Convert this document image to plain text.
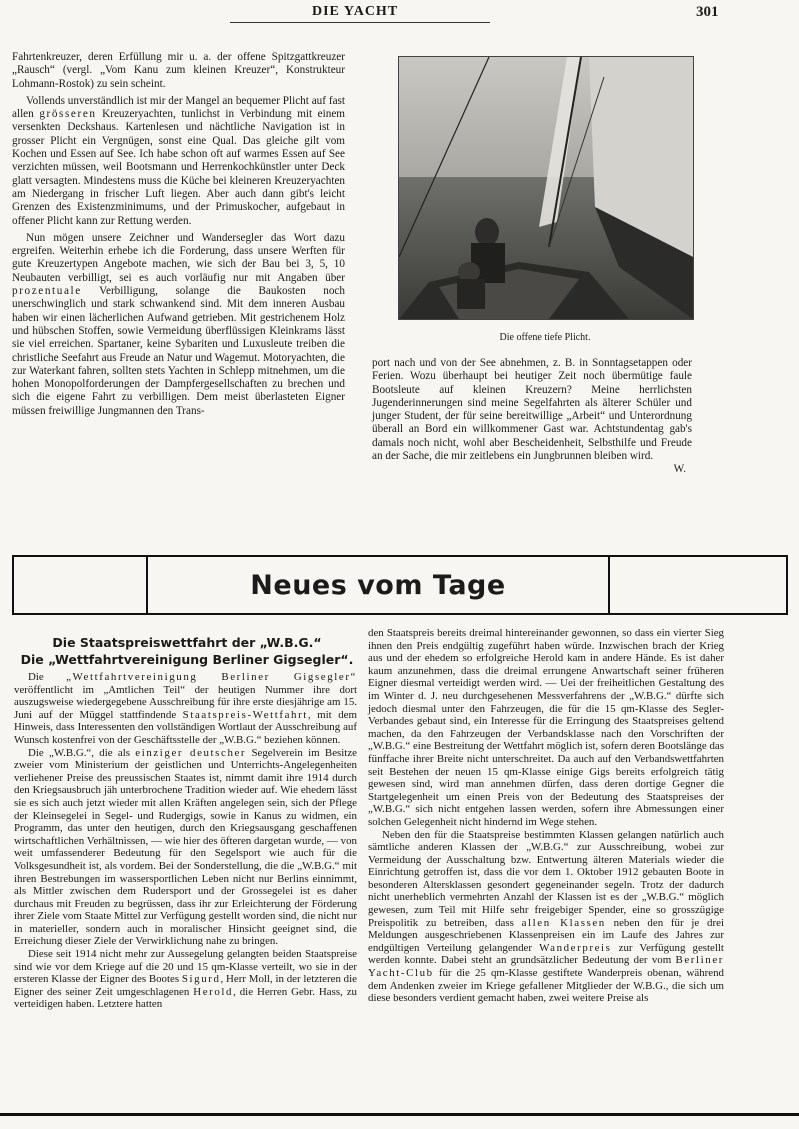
DIE YACHT	301

Fahrtenkreuzer, deren Erfüllung mir u. a. der offene Spitzgattkreuzer „Rausch“ (vergl. „Vom Kanu zum kleinen Kreuzer“, Konstrukteur Lohmann-Rostok) zu sein scheint.

Vollends unverständlich ist mir der Mangel an bequemer Plicht auf fast allen grösseren Kreuzeryachten, tunlichst in Verbindung mit einem versenkten Deckshaus. Kartenlesen und nächtliche Navigation ist in grosser Plicht ein Vergnügen, sonst eine Qual. Das gleiche gilt vom Kochen und Essen auf See. Ich habe schon oft auf warmes Essen auf See verzichten müssen, weil Bootsmann und Herrenkochkünstler unter Deck glatt versagten. Mindestens muss die Küche bei kleineren Kreuzeryachten am Niedergang in frischer Luft liegen. Aber auch dann gibt's leicht Grenzen des Existenzminimums, und der Primuskocher, aufgebaut in offener Plicht kann zur Rettung werden.

Nun mögen unsere Zeichner und Wandersegler das Wort dazu ergreifen. Weiterhin erhebe ich die Forderung, dass unsere Werften für gute Kreuzertypen Angebote machen, wie sich der Bau bei 3, 5, 10 Neubauten verbilligt, sei es auch vorläufig nur mit Angaben über prozentuale Verbilligung, solange die Baukosten noch unerschwinglich und stark schwankend sind. Mit dem inneren Ausbau haben wir einen lächerlichen Aufwand getrieben. Mit gestrichenem Holz und hübschen Stoffen, sowie Vermeidung überflüssigen Kleinkrams lässt sie viel erreichen. Spartaner, keine Sybariten und Luxusleute treiben die christliche Seefahrt aus Freude an Natur und Wagemut. Motoryachten, die zur Waterkant fahren, sollten stets Yachten in Schlepp mitnehmen, um die hohen Monopolforderungen der Dampfergesellschaften zu brechen und sich die eigene Fahrt zu verbilligen. Dem meist überlasteten Eigner müssen freiwillige Jungmannen den Trans-

Die offene tiefe Plicht.

port nach und von der See abnehmen, z. B. in Sonntagsetappen oder Ferien. Wozu überhaupt bei heutiger Zeit noch übermütige faule Bootsleute auf kleinen Kreuzern? Meine herrlichsten Jugenderinnerungen sind meine Segelfahrten als älterer Schüler und junger Student, der für seine bereitwillige „Arbeit“ und Unterordnung überall an Bord ein willkommener Gast war. Achtstundentag gab's damals noch nicht, wohl aber Bescheidenheit, Selbsthilfe und Freude an der Sache, die mir zeitlebens ein Jungbrunnen bleiben wird.

W.

Neues vom Tage
Die Staatspreiswettfahrt der „W.B.G.“
Die „Wettfahrtvereinigung Berliner Gigsegler“.

Die „Wettfahrtvereinigung Berliner Gigsegler“ veröffentlicht im „Amtlichen Teil“ der heutigen Nummer ihre dort auszugsweise wiedergegebene Ausschreibung für ihre erste diesjährige am 15. Juni auf der Müggel stattfindende Staatspreis-Wettfahrt, mit dem Hinweis, dass Interessenten den vollständigen Wortlaut der Ausschreibung auf Wunsch kostenfrei von der Geschäftsstelle der „W.B.G.“ beziehen können.

Die „W.B.G.“, die als einziger deutscher Segelverein im Besitze zweier vom Ministerium der geistlichen und Unterrichts-Angelegenheiten verliehener Preise des preussischen Staates ist, nimmt damit ihre 1914 durch den Kriegsausbruch jäh unterbrochene Tradition wieder auf. Wie ehedem lässt sie es sich auch jetzt wieder mit allen Kräften angelegen sein, sich der Pflege der Kleinsegelei in Segel- und Rudergigs, sowie in Kanus zu widmen, ein Programm, das unter den heutigen, durch den Kriegsausgang geschaffenen wirtschaftlichen Verhältnissen, — wie hier des öfteren dargetan wurde, — von weit umfassenderer Bedeutung für den Segelsport wie auch für die Volksgesundheit ist, als vordem. Bei der Sonderstellung, die die „W.B.G.“ mit ihren Bestrebungen im wassersportlichen Leben nicht nur Berlins einnimmt, als Mittler zwischen dem Rudersport und der Grossegelei ist es daher durchaus mit Freuden zu begrüssen, dass ihr zur Erleichterung der Förderung ihrer Ziele vom Staate Mittel zur Verfügung gestellt worden sind, die nicht nur in materieller, sondern auch in moralischer Hinsicht geeignet sind, die Erreichung dieser Ziele der Verwirklichung nahe zu bringen.

Diese seit 1914 nicht mehr zur Aussegelung gelangten beiden Staatspreise sind wie vor dem Kriege auf die 20 und 15 qm-Klasse verteilt, wo sie in der ersteren Klasse der Eigner des Bootes Sigurd, Herr Moll, in der letzteren die Eigner des seiner Zeit umgeschlagenen Herold, die Herren Gebr. Hass, zu verteidigen haben. Letztere hatten

den Staatspreis bereits dreimal hintereinander gewonnen, so dass ein vierter Sieg ihnen den Preis endgültig zugeführt haben würde. Inzwischen brach der Krieg aus und der ehedem so erfolgreiche Herold kam in andere Hände. Es ist daher kaum anzunehmen, dass die dreimal errungene Anwartschaft seiner früheren Eigner diesmal verteidigt werden wird. — Uei der freiheitlichen Gestaltung des im Winter d. J. neu durchgesehenen Messverfahrens der „W.B.G.“ dürfte sich jedoch diesmal unter den Fahrzeugen, die für die 15 qm-Klasse des Segler-Verbandes gebaut sind, ein Interesse für die Erringung des Staatspreises geltend machen, da den Fahrzeugen der Verbandsklasse nach den Vorschriften der „W.B.G.“ eine Bestreitung der Wettfahrt möglich ist, sofern deren Bootslänge das fünffache ihrer Breite nicht unterschreitet. Da auch auf den Verbandswettfahrten seit Bestehen der neuen 15 qm-Klasse einige Gigs bereits erfolgreich tätig gewesen sind, wird man annehmen dürfen, dass deren dortige Gegner die Startgelegenheit um einen Preis von der Bedeutung des Staatspreises der „W.B.G.“ sich nicht entgehen lassen werden, sofern ihre Abmessungen einer solchen Gelegenheit nicht hindernd im Wege stehen.

Neben den für die Staatspreise bestimmten Klassen gelangen natürlich auch sämtliche anderen Klassen der „W.B.G.“ zur Ausschreibung, wobei zur Vermeidung der Ausschaltung bzw. Entwertung älteren Materials wieder die Einrichtung getroffen ist, dass die vor dem 1. Oktober 1912 gebauten Boote in besonderen Altersklassen gesondert gegeneinander segeln. Trotz der dadurch nicht unerheblich vermehrten Anzahl der Klassen ist es der „W.B.G.“ möglich gewesen, zum Teil mit Hilfe sehr freigebiger Spender, eine so grosszügige Preispolitik zu betreiben, dass allen Klassen neben den für je drei Meldungen ausgeschriebenen Klassenpreisen ein im Laufe des Jahres zur endgültigen Verteilung gelangender Wanderpreis zur Verfügung gestellt werden konnte. Dabei steht an grundsätzlicher Bedeutung der vom Berliner Yacht-Club für die 25 qm-Klasse gestiftete Wanderpreis obenan, während dem Andenken zweier im Kriege gefallener Mitglieder der W.B.G., die sich um diese besonders verdient gemacht haben, zwei weitere Preise als
